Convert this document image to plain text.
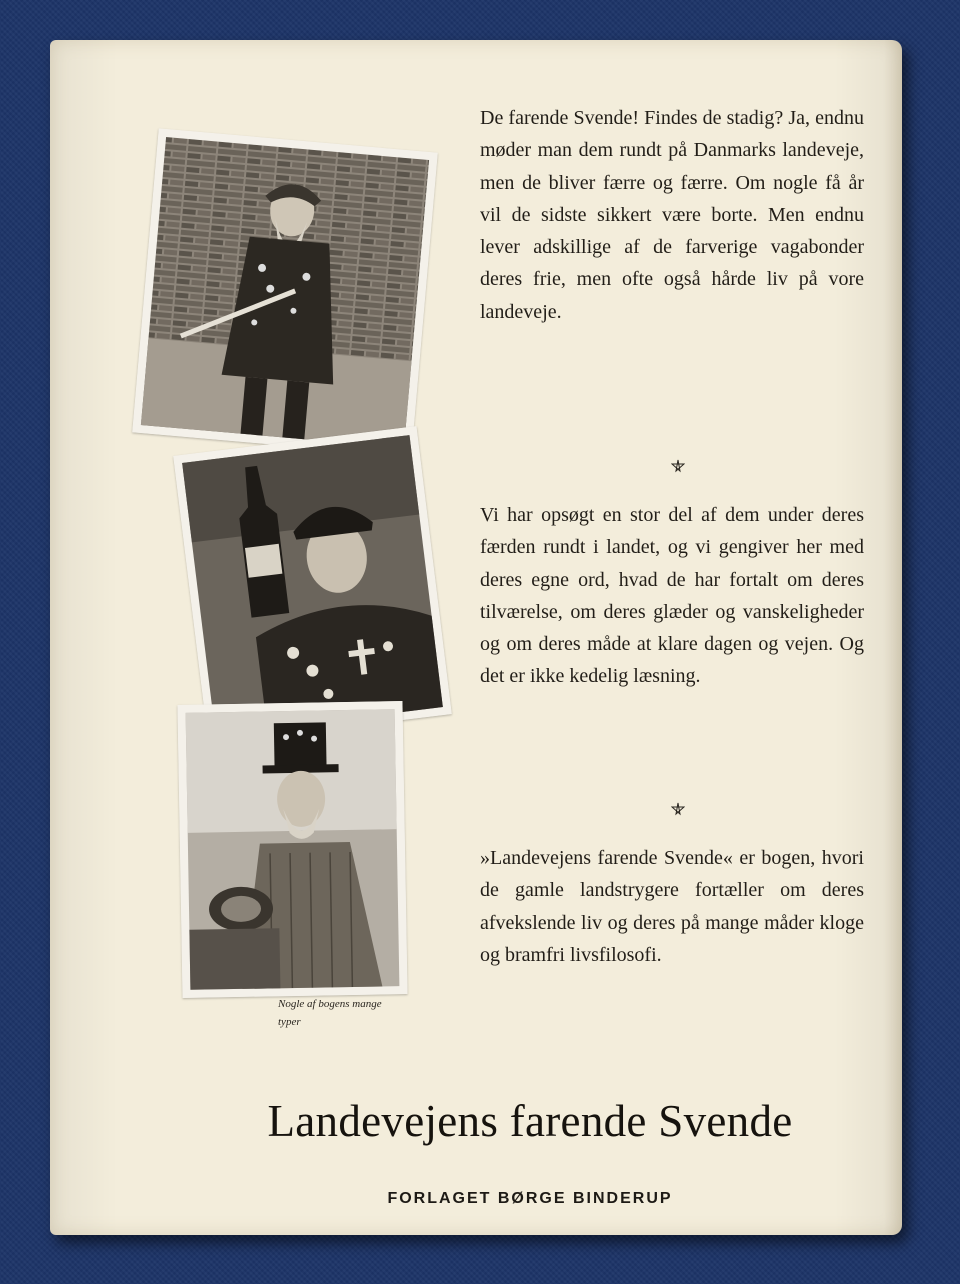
Nogle af bogens mange typer

De farende Svende! Findes de stadig? Ja, endnu møder man dem rundt på Danmarks landeveje, men de bliver færre og færre. Om nogle få år vil de sidste sikkert være borte. Men endnu lever adskillige af de farverige vagabonder deres frie, men ofte også hårde liv på vore landeveje.

Vi har opsøgt en stor del af dem under deres færden rundt i landet, og vi gengiver her med deres egne ord, hvad de har fortalt om deres tilværelse, om deres glæder og vanskeligheder og om deres måde at klare dagen og vejen. Og det er ikke kedelig læsning.

»Landevejens farende Svende« er bogen, hvori de gamle landstrygere fortæller om deres afvekslende liv og deres på mange måder kloge og bramfri livsfilosofi.

Landevejens farende Svende
FORLAGET BØRGE BINDERUP
